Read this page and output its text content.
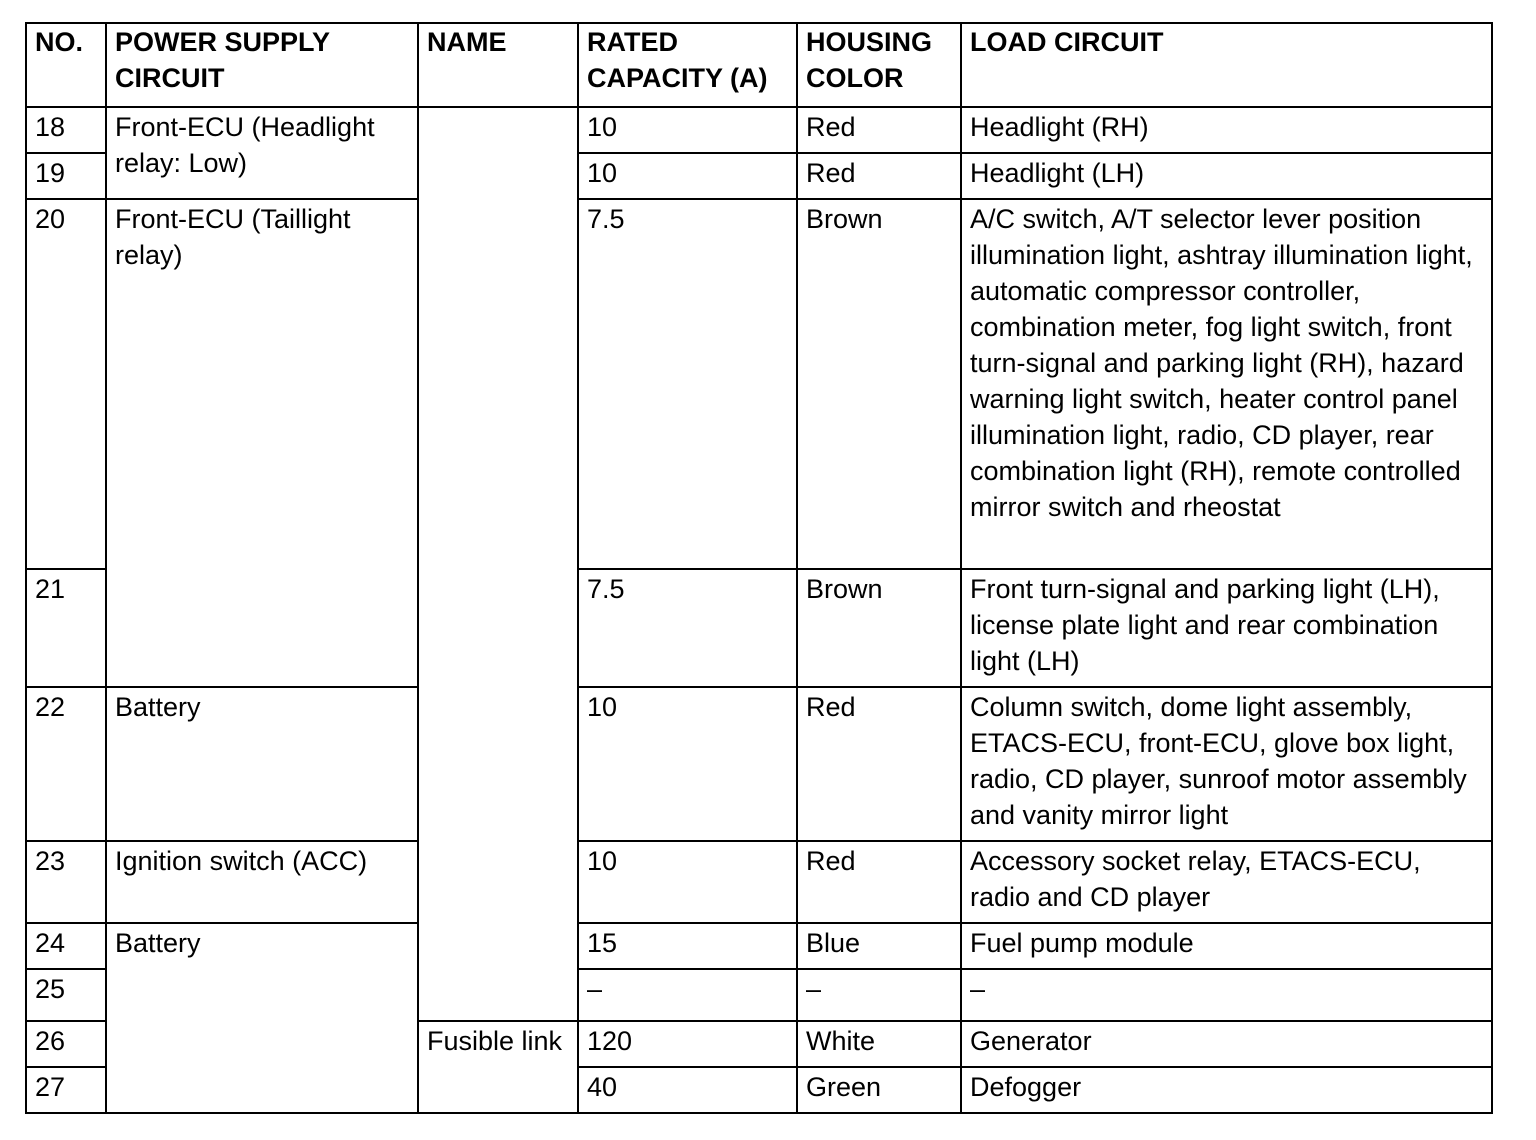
NO.	POWER SUPPLY CIRCUIT	NAME	RATED CAPACITY (A)	HOUSING COLOR	LOAD CIRCUIT
18	Front-ECU (Headlight relay: Low)		10	Red	Headlight (RH)
19			10	Red	Headlight (LH)
20	Front-ECU (Taillight relay)		7.5	Brown	A/C switch, A/T selector lever position illumination light, ashtray illumination light, automatic compressor controller, combination meter, fog light switch, front turn-signal and parking light (RH), hazard warning light switch, heater control panel illumination light, radio, CD player, rear combination light (RH), remote controlled mirror switch and rheostat
21			7.5	Brown	Front turn-signal and parking light (LH), license plate light and rear combination light (LH)
22	Battery		10	Red	Column switch, dome light assembly, ETACS-ECU, front-ECU, glove box light, radio, CD player, sunroof motor assembly and vanity mirror light
23	Ignition switch (ACC)		10	Red	Accessory socket relay, ETACS-ECU, radio and CD player
24	Battery		15	Blue	Fuel pump module
25			–	–	–
26		Fusible link	120	White	Generator
27			40	Green	Defogger
